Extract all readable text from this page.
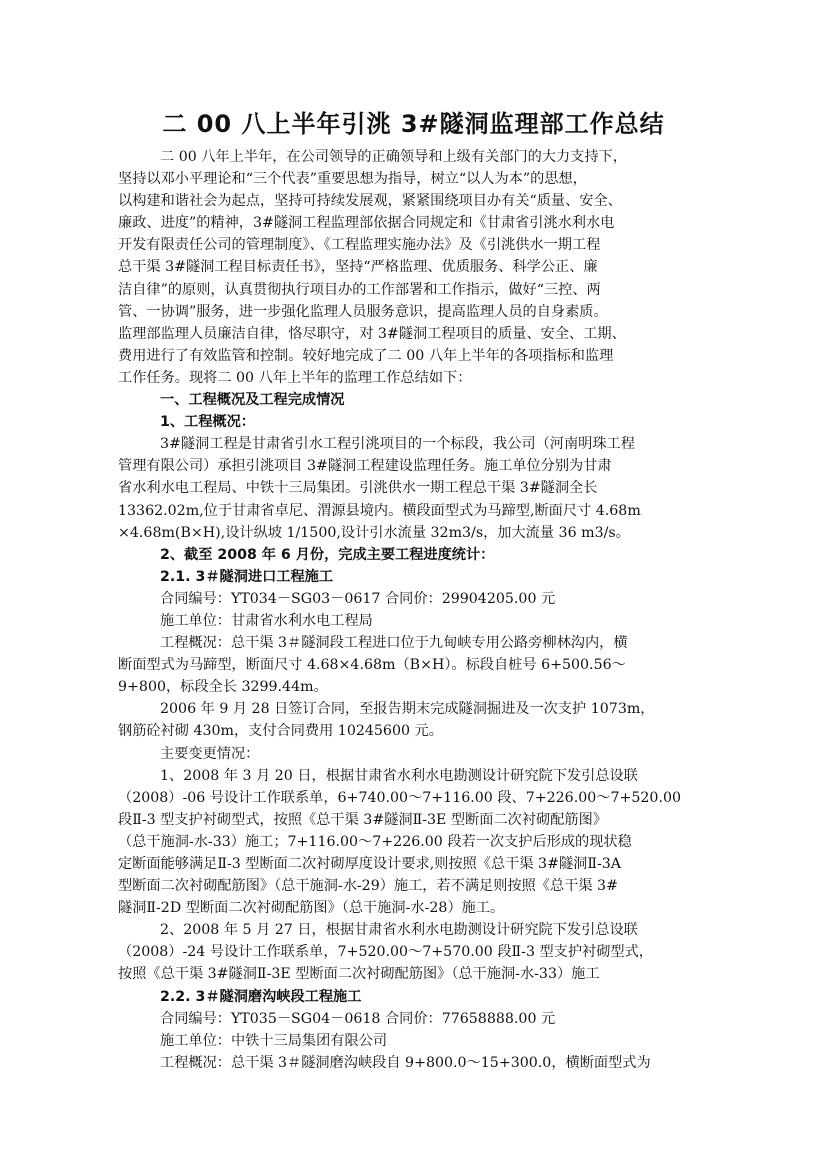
二 00 八上半年引洮 3#隧洞监理部工作总结
二 00 八年上半年，在公司领导的正确领导和上级有关部门的大力支持下，
坚持以邓小平理论和“三个代表”重要思想为指导，树立“以人为本”的思想，
以构建和谐社会为起点，坚持可持续发展观，紧紧围绕项目办有关“质量、安全、
廉政、进度”的精神，3#隧洞工程监理部依据合同规定和《甘肃省引洮水利水电
开发有限责任公司的管理制度》、《工程监理实施办法》及《引洮供水一期工程
总干渠 3#隧洞工程目标责任书》，坚持“严格监理、优质服务、科学公正、廉
洁自律”的原则，认真贯彻执行项目办的工作部署和工作指示，做好“三控、两
管、一协调”服务，进一步强化监理人员服务意识，提高监理人员的自身素质。
监理部监理人员廉洁自律，恪尽职守，对 3#隧洞工程项目的质量、安全、工期、
费用进行了有效监管和控制。较好地完成了二 00 八年上半年的各项指标和监理
工作任务。现将二 00 八年上半年的监理工作总结如下：
一、工程概况及工程完成情况
1、工程概况：
3#隧洞工程是甘肃省引水工程引洮项目的一个标段，我公司（河南明珠工程
管理有限公司）承担引洮项目 3#隧洞工程建设监理任务。施工单位分别为甘肃
省水利水电工程局、中铁十三局集团。引洮供水一期工程总干渠 3#隧洞全长
13362.02m,位于甘肃省卓尼、渭源县境内。横段面型式为马蹄型,断面尺寸 4.68m
×4.68m(B×H),设计纵坡 1/1500,设计引水流量 32m3/s，加大流量 36 m3/s。
2、截至 2008 年 6 月份，完成主要工程进度统计：
2.1. 3＃隧洞进口工程施工
合同编号：YT034－SG03－0617 合同价：29904205.00 元
施工单位：甘肃省水利水电工程局
工程概况：总干渠 3＃隧洞段工程进口位于九甸峡专用公路旁柳林沟内，横
断面型式为马蹄型，断面尺寸 4.68×4.68m（B×H）。标段自桩号 6+500.56～
9+800，标段全长 3299.44m。
2006 年 9 月 28 日签订合同，至报告期末完成隧洞掘进及一次支护 1073m，
钢筋砼衬砌 430m，支付合同费用 10245600 元。
主要变更情况：
1、2008 年 3 月 20 日，根据甘肃省水利水电勘测设计研究院下发引总设联
（2008）-06 号设计工作联系单，6+740.00～7+116.00 段、7+226.00～7+520.00
段Ⅱ-3 型支护衬砌型式，按照《总干渠 3#隧洞Ⅱ-3E 型断面二次衬砌配筋图》
（总干施洞-水-33）施工；7+116.00～7+226.00 段若一次支护后形成的现状稳
定断面能够满足Ⅱ-3 型断面二次衬砌厚度设计要求,则按照《总干渠 3#隧洞Ⅱ-3A
型断面二次衬砌配筋图》（总干施洞-水-29）施工，若不满足则按照《总干渠 3#
隧洞Ⅱ-2D 型断面二次衬砌配筋图》（总干施洞-水-28）施工。
2、2008 年 5 月 27 日，根据甘肃省水利水电勘测设计研究院下发引总设联
（2008）-24 号设计工作联系单，7+520.00～7+570.00 段Ⅱ-3 型支护衬砌型式，
按照《总干渠 3#隧洞Ⅱ-3E 型断面二次衬砌配筋图》（总干施洞-水-33）施工
2.2. 3＃隧洞磨沟峡段工程施工
合同编号：YT035－SG04－0618 合同价：77658888.00 元
施工单位：中铁十三局集团有限公司
工程概况：总干渠 3＃隧洞磨沟峡段自 9+800.0～15+300.0，横断面型式为
